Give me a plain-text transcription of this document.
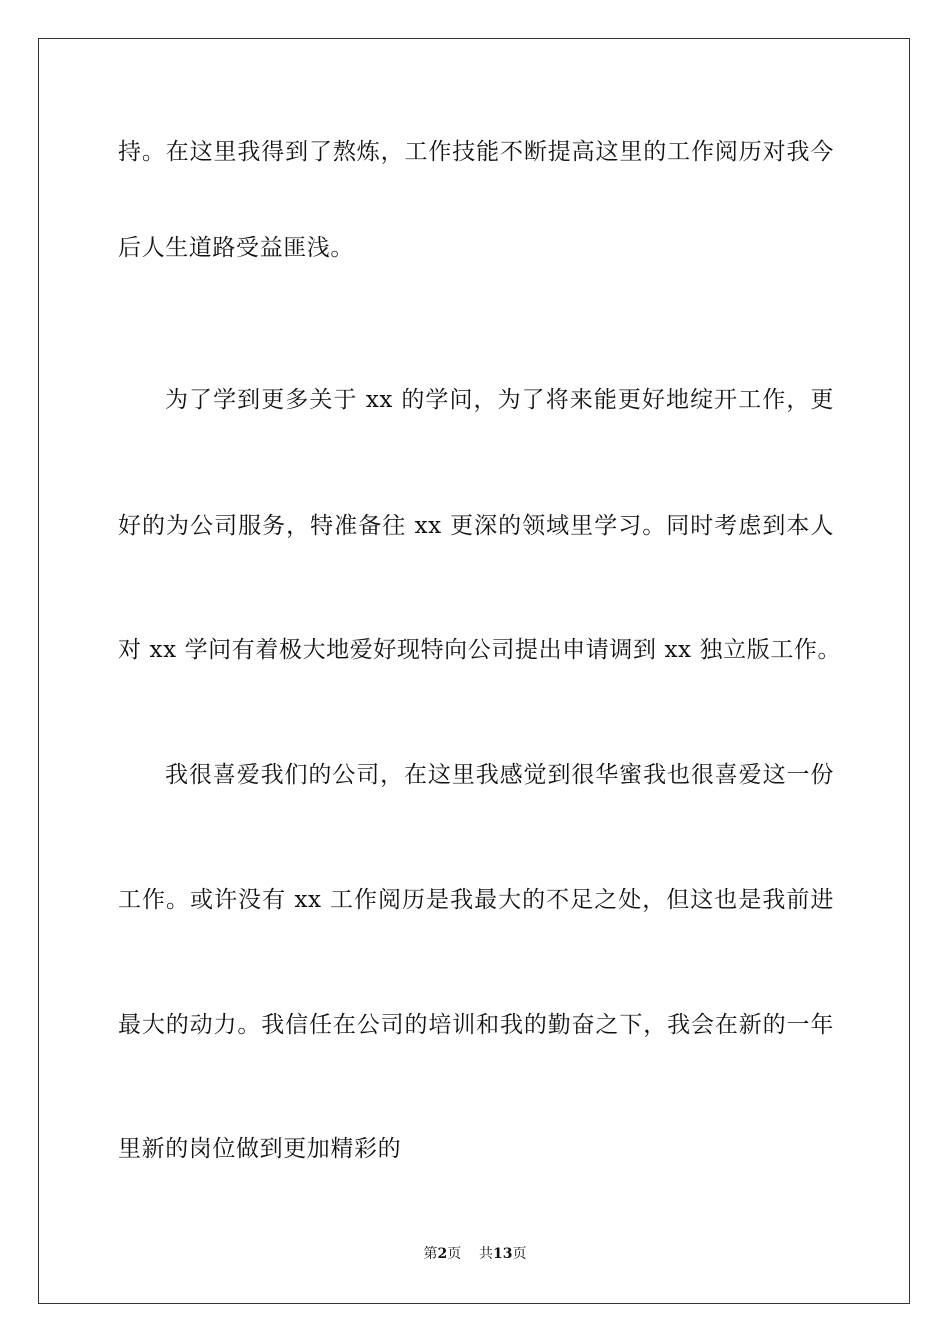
持。在这里我得到了熬炼，工作技能不断提高这里的工作阅历对我今
后人生道路受益匪浅。
为了学到更多关于 xx 的学问，为了将来能更好地绽开工作，更
好的为公司服务，特准备往 xx 更深的领域里学习。同时考虑到本人
对 xx 学问有着极大地爱好现特向公司提出申请调到 xx 独立版工作。
我很喜爱我们的公司，在这里我感觉到很华蜜我也很喜爱这一份
工作。或许没有 xx 工作阅历是我最大的不足之处，但这也是我前进
最大的动力。我信任在公司的培训和我的勤奋之下，我会在新的一年
里新的岗位做到更加精彩的
第2页 共13页
